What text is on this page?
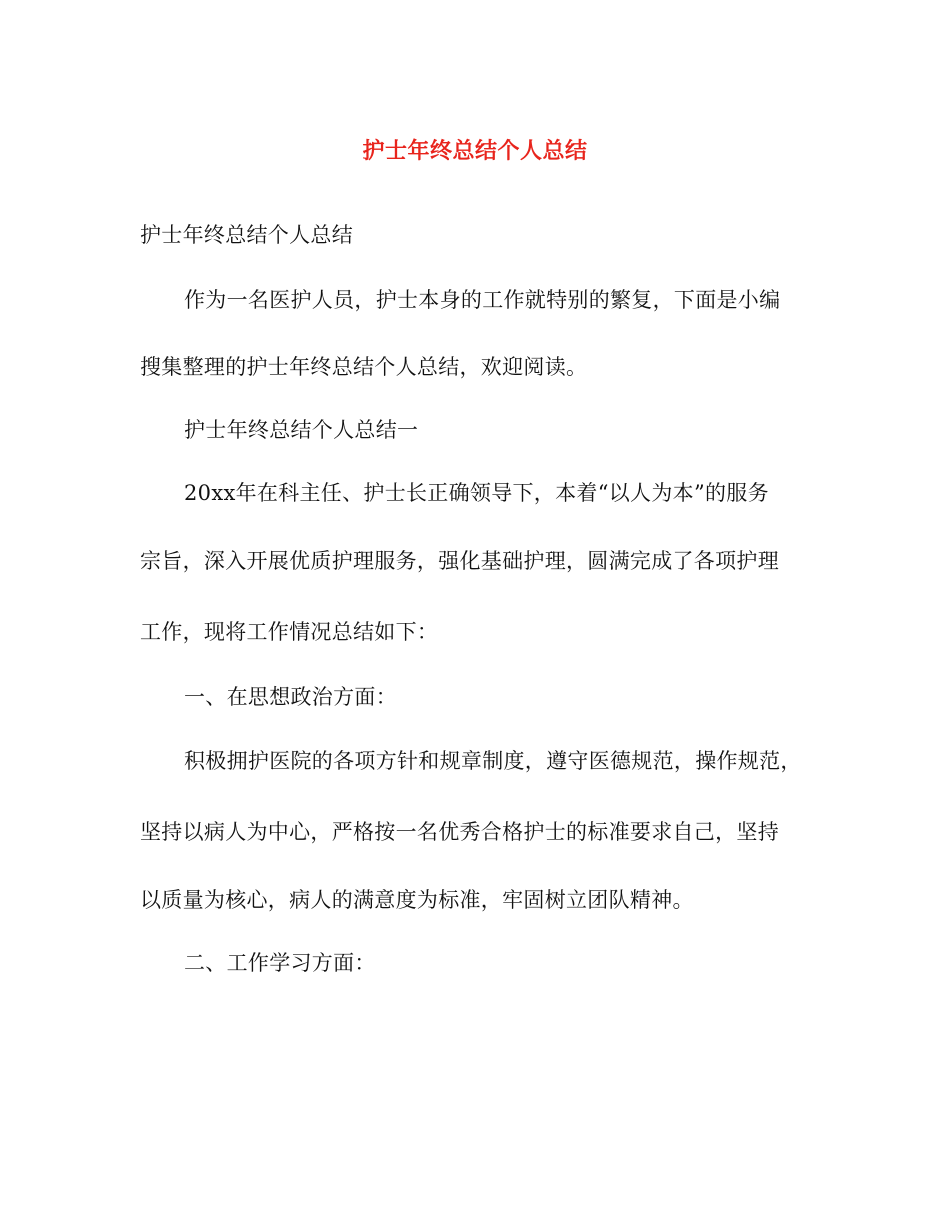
护士年终总结个人总结
护士年终总结个人总结
作为一名医护人员，护士本身的工作就特别的繁复，下面是小编
搜集整理的护士年终总结个人总结，欢迎阅读。
护士年终总结个人总结一
20xx年在科主任、护士长正确领导下，本着“以人为本”的服务
宗旨，深入开展优质护理服务，强化基础护理，圆满完成了各项护理
工作，现将工作情况总结如下：
一、在思想政治方面：
积极拥护医院的各项方针和规章制度，遵守医德规范，操作规范，
坚持以病人为中心，严格按一名优秀合格护士的标准要求自己，坚持
以质量为核心，病人的满意度为标准，牢固树立团队精神。
二、工作学习方面：
